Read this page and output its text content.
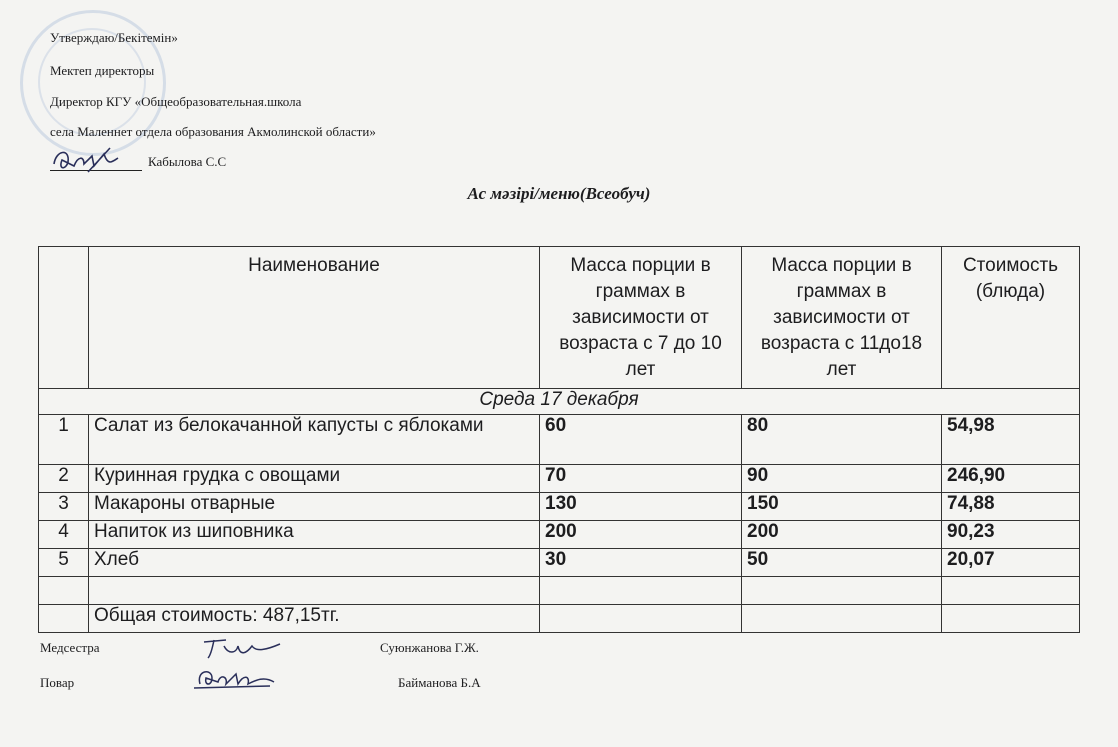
Утверждаю/Бекітемін»
Мектеп директоры
Директор КГУ «Общеобразовательная.школа
села Маленнет отдела образования Акмолинской области»
Кабылова С.С
Ас мәзірі/меню(Всеобуч)
	Наименование	Масса порции в граммах в зависимости от возраста с 7 до 10 лет	Масса порции в граммах в зависимости от возраста с 11до18 лет	Стоимость (блюда)
Среда 17 декабря				
1	Салат из белокачанной капусты с яблоками	60	80	54,98
2	Куринная грудка с овощами	70	90	246,90
3	Макароны отварные	130	150	74,88
4	Напиток из шиповника	200	200	90,23
5	Хлеб	30	50	20,07

	Общая стоимость: 487,15тг.			
Медсестра	Суюнжанова Г.Ж.
Повар	Байманова Б.А
